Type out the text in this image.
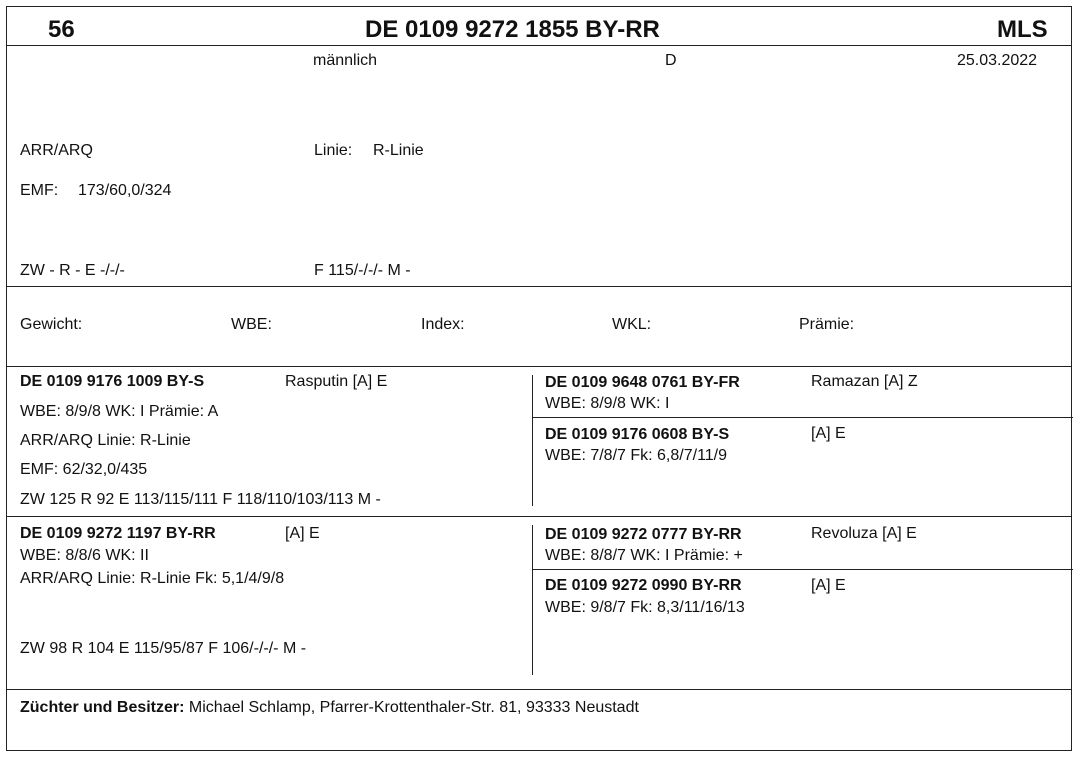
56	DE 0109 9272 1855 BY-RR	MLS
männlich	D	25.03.2022
ARR/ARQ	Linie: R-Linie
EMF: 173/60,0/324
ZW - R - E -/-/-	F 115/-/-/- M -
Gewicht:	WBE:	Index:	WKL:	Prämie:
DE 0109 9176 1009 BY-S	Rasputin [A] E
WBE: 8/9/8 WK: I Prämie: A
ARR/ARQ Linie: R-Linie
EMF: 62/32,0/435
ZW 125 R 92 E 113/115/111 F 118/110/103/113 M -
DE 0109 9648 0761 BY-FR	Ramazan [A] Z
WBE: 8/9/8 WK: I
DE 0109 9176 0608 BY-S	[A] E
WBE: 7/8/7 Fk: 6,8/7/11/9
DE 0109 9272 1197 BY-RR	[A] E
WBE: 8/8/6 WK: II
ARR/ARQ Linie: R-Linie Fk: 5,1/4/9/8
ZW 98 R 104 E 115/95/87 F 106/-/-/- M -
DE 0109 9272 0777 BY-RR	Revoluza [A] E
WBE: 8/8/7 WK: I Prämie: +
DE 0109 9272 0990 BY-RR	[A] E
WBE: 9/8/7 Fk: 8,3/11/16/13
Züchter und Besitzer: Michael Schlamp, Pfarrer-Krottenthaler-Str. 81, 93333 Neustadt
